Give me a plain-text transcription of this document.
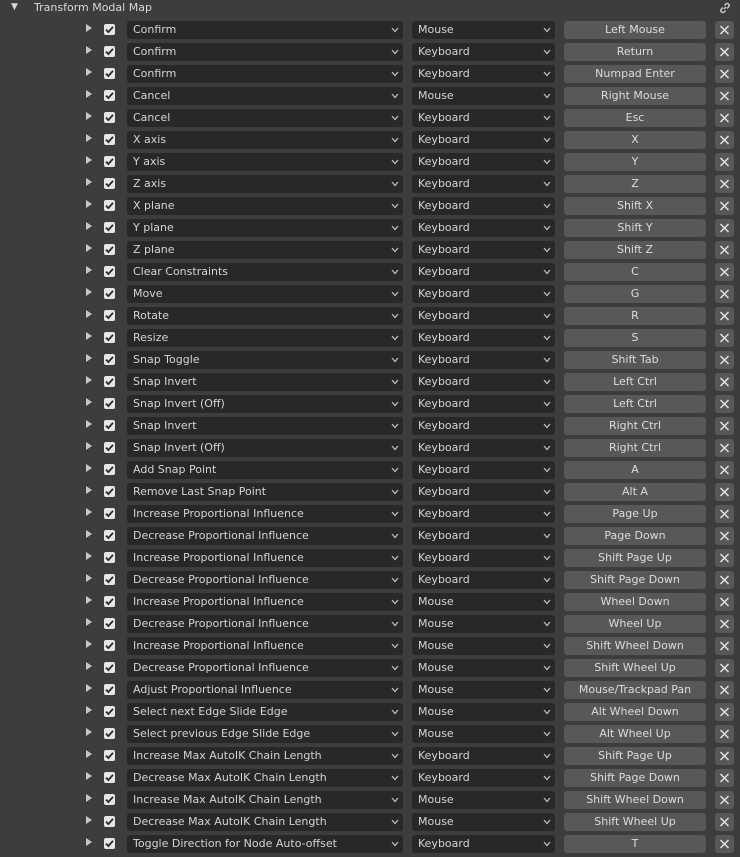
▼ Transform Modal Map
Confirm	Mouse	Left Mouse
Confirm	Keyboard	Return
Confirm	Keyboard	Numpad Enter
Cancel	Mouse	Right Mouse
Cancel	Keyboard	Esc
X axis	Keyboard	X
Y axis	Keyboard	Y
Z axis	Keyboard	Z
X plane	Keyboard	Shift X
Y plane	Keyboard	Shift Y
Z plane	Keyboard	Shift Z
Clear Constraints	Keyboard	C
Move	Keyboard	G
Rotate	Keyboard	R
Resize	Keyboard	S
Snap Toggle	Keyboard	Shift Tab
Snap Invert	Keyboard	Left Ctrl
Snap Invert (Off)	Keyboard	Left Ctrl
Snap Invert	Keyboard	Right Ctrl
Snap Invert (Off)	Keyboard	Right Ctrl
Add Snap Point	Keyboard	A
Remove Last Snap Point	Keyboard	Alt A
Increase Proportional Influence	Keyboard	Page Up
Decrease Proportional Influence	Keyboard	Page Down
Increase Proportional Influence	Keyboard	Shift Page Up
Decrease Proportional Influence	Keyboard	Shift Page Down
Increase Proportional Influence	Mouse	Wheel Down
Decrease Proportional Influence	Mouse	Wheel Up
Increase Proportional Influence	Mouse	Shift Wheel Down
Decrease Proportional Influence	Mouse	Shift Wheel Up
Adjust Proportional Influence	Mouse	Mouse/Trackpad Pan
Select next Edge Slide Edge	Mouse	Alt Wheel Down
Select previous Edge Slide Edge	Mouse	Alt Wheel Up
Increase Max AutoIK Chain Length	Keyboard	Shift Page Up
Decrease Max AutoIK Chain Length	Keyboard	Shift Page Down
Increase Max AutoIK Chain Length	Mouse	Shift Wheel Down
Decrease Max AutoIK Chain Length	Mouse	Shift Wheel Up
Toggle Direction for Node Auto-offset	Keyboard	T
